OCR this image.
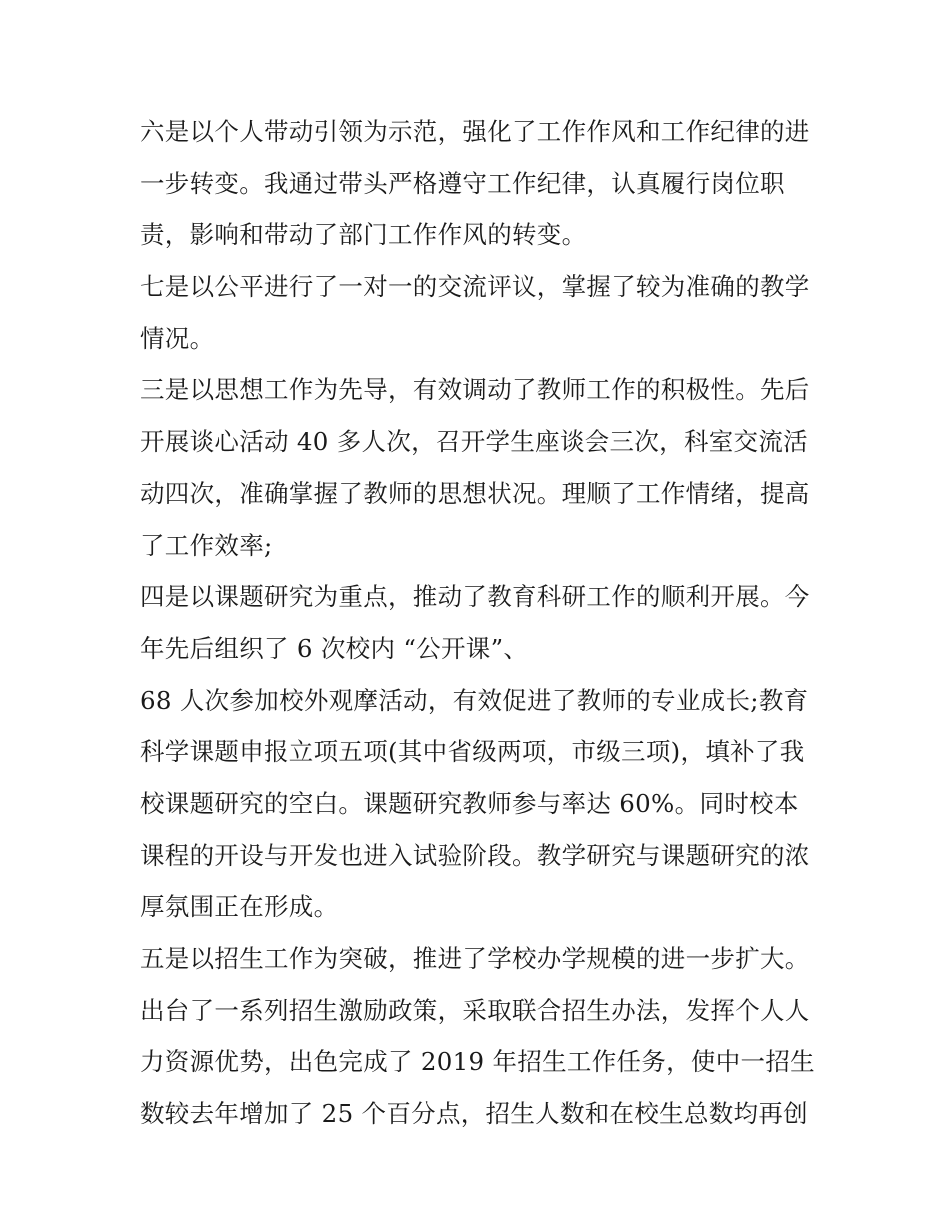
六是以个人带动引领为示范，强化了工作作风和工作纪律的进
一步转变。我通过带头严格遵守工作纪律，认真履行岗位职
责，影响和带动了部门工作作风的转变。
七是以公平进行了一对一的交流评议，掌握了较为准确的教学
情况。
三是以思想工作为先导，有效调动了教师工作的积极性。先后
开展谈心活动 40 多人次，召开学生座谈会三次，科室交流活
动四次，准确掌握了教师的思想状况。理顺了工作情绪，提高
了工作效率;
四是以课题研究为重点，推动了教育科研工作的顺利开展。今
年先后组织了 6 次校内 “公开课”、
68 人次参加校外观摩活动，有效促进了教师的专业成长;教育
科学课题申报立项五项(其中省级两项，市级三项)，填补了我
校课题研究的空白。课题研究教师参与率达 60%。同时校本
课程的开设与开发也进入试验阶段。教学研究与课题研究的浓
厚氛围正在形成。
五是以招生工作为突破，推进了学校办学规模的进一步扩大。
出台了一系列招生激励政策，采取联合招生办法，发挥个人人
力资源优势，出色完成了 2019 年招生工作任务，使中一招生
数较去年增加了 25 个百分点，招生人数和在校生总数均再创
